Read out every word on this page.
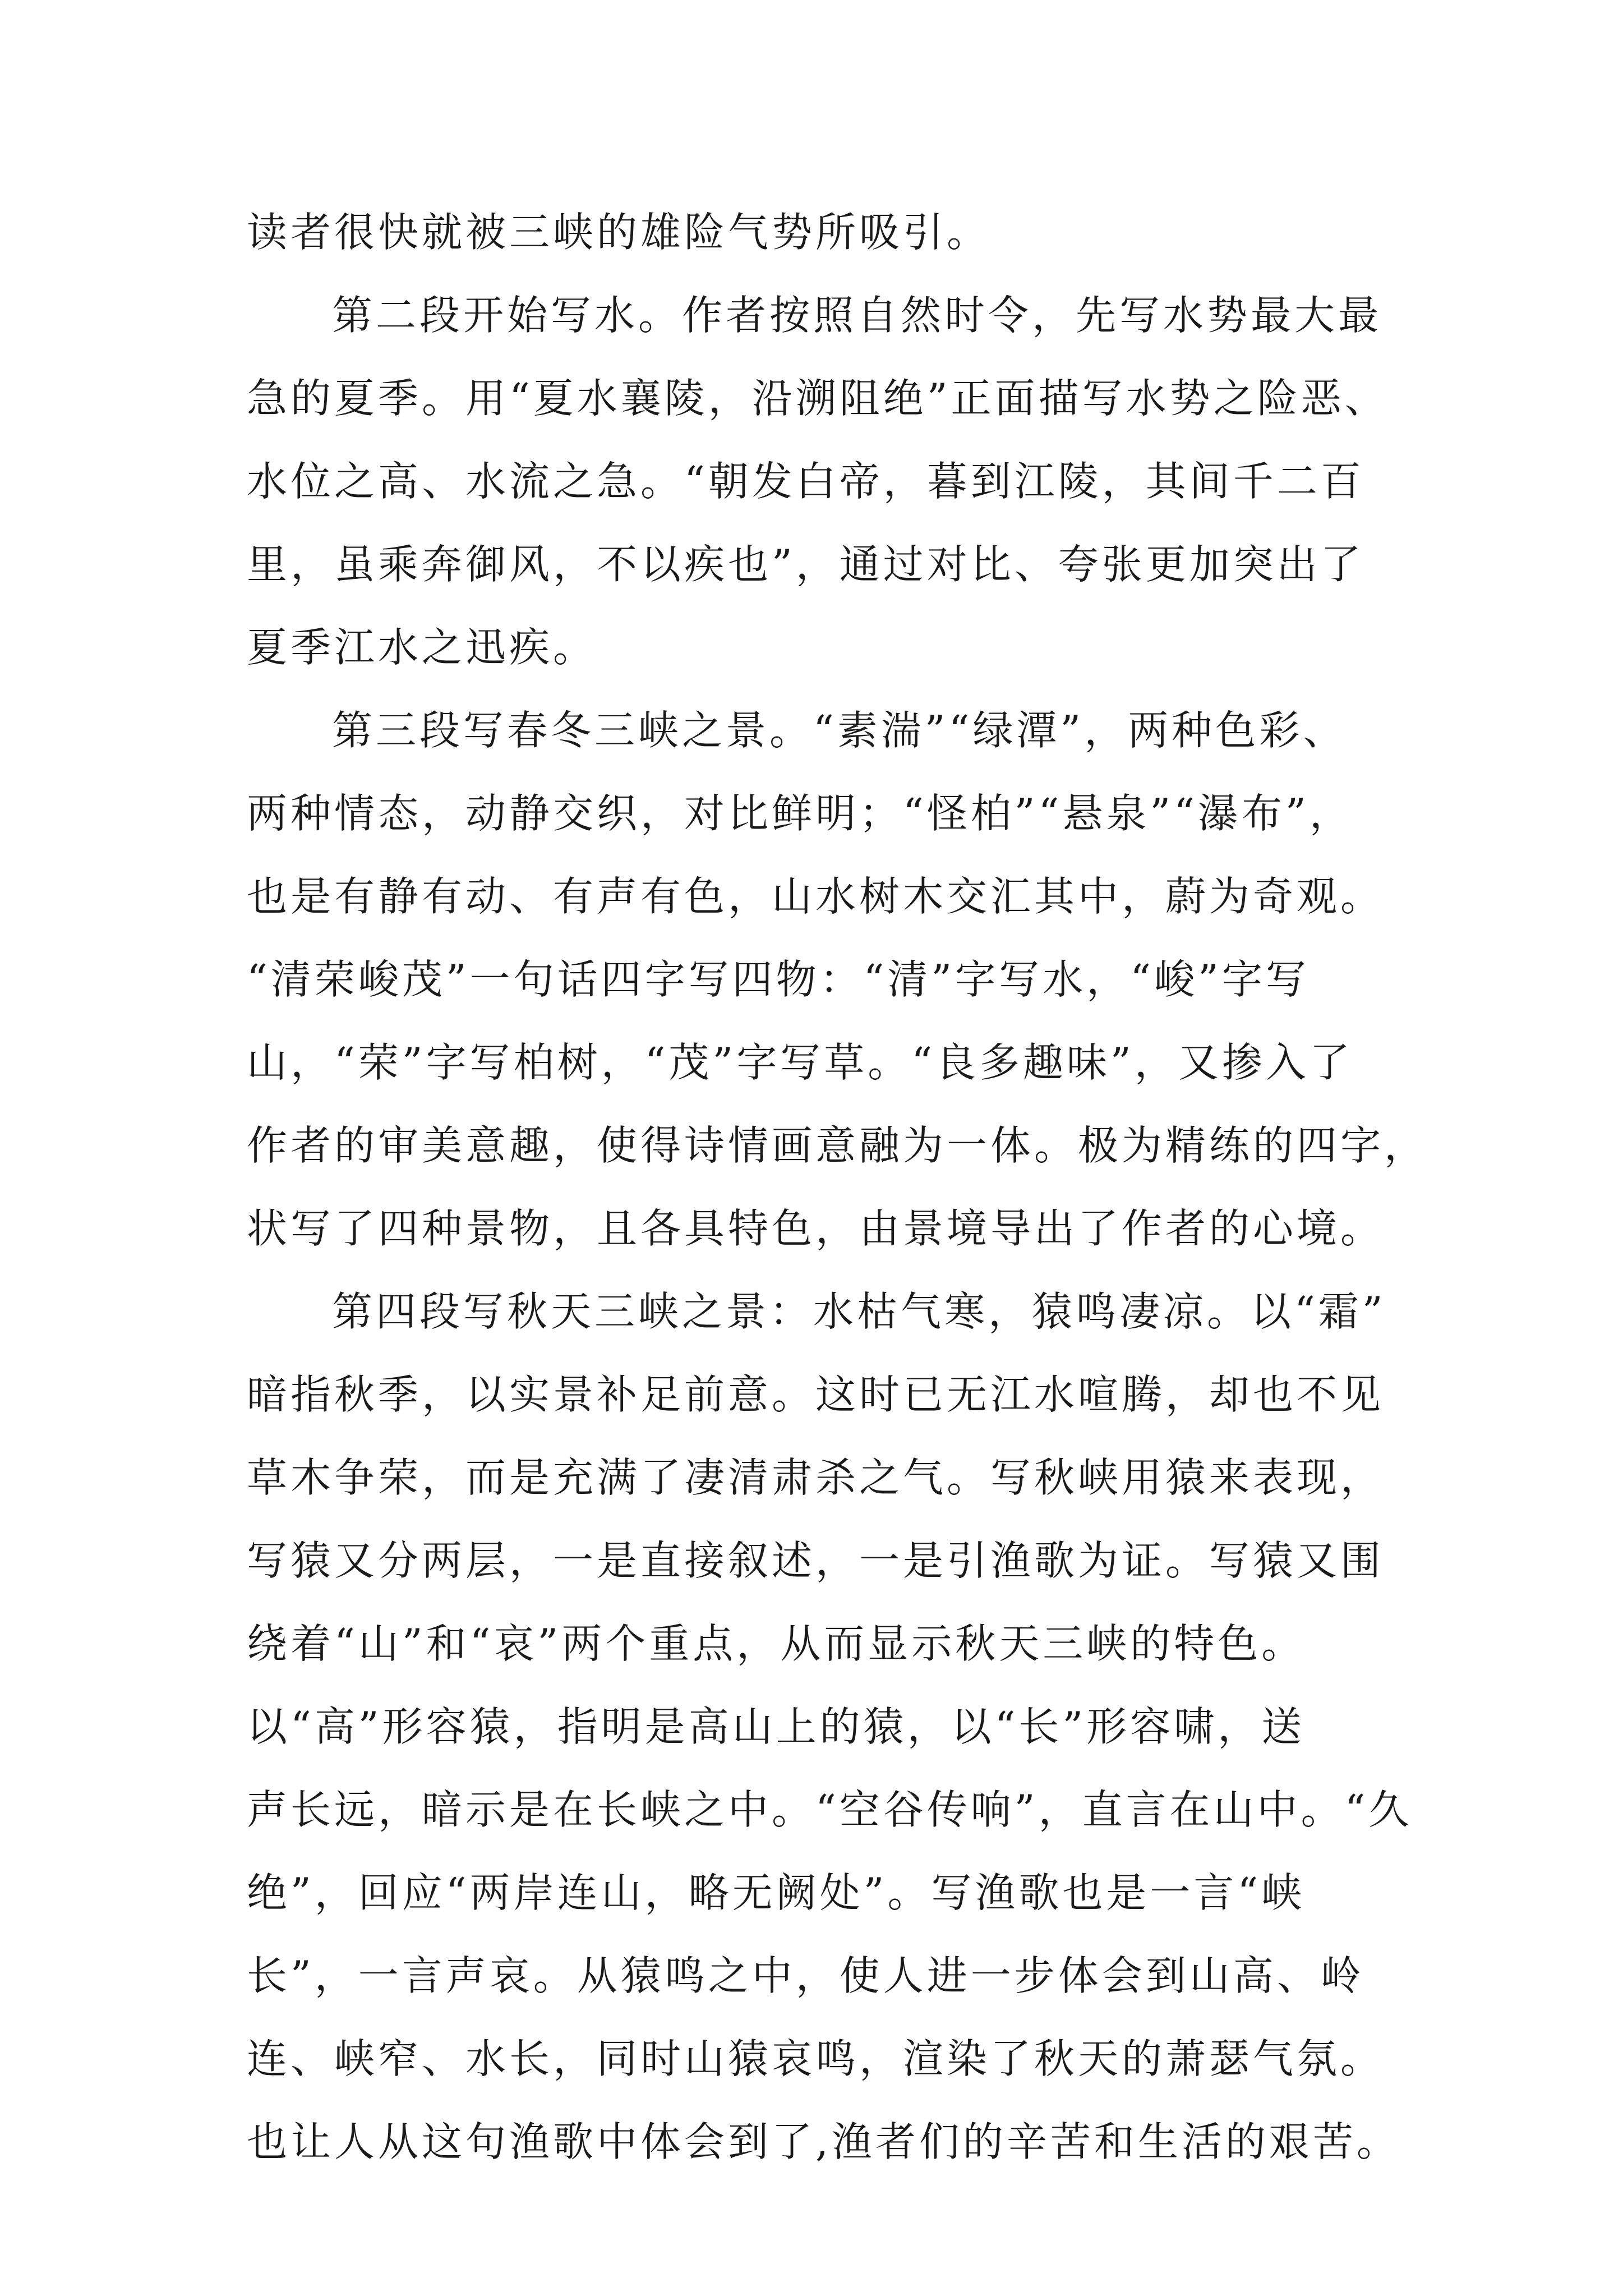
读者很快就被三峡的雄险气势所吸引。
第二段开始写水。作者按照自然时令，先写水势最大最
急的夏季。用“夏水襄陵，沿溯阻绝”正面描写水势之险恶、
水位之高、水流之急。“朝发白帝，暮到江陵，其间千二百
里，虽乘奔御风，不以疾也”，通过对比、夸张更加突出了
夏季江水之迅疾。
第三段写春冬三峡之景。“素湍”“绿潭”，两种色彩、
两种情态，动静交织，对比鲜明；“怪柏”“悬泉”“瀑布”，
也是有静有动、有声有色，山水树木交汇其中，蔚为奇观。
“清荣峻茂”一句话四字写四物：“清”字写水，“峻”字写
山，“荣”字写柏树，“茂”字写草。“良多趣味”，又掺入了
作者的审美意趣，使得诗情画意融为一体。极为精练的四字，
状写了四种景物，且各具特色，由景境导出了作者的心境。
第四段写秋天三峡之景：水枯气寒，猿鸣凄凉。以“霜”
暗指秋季，以实景补足前意。这时已无江水喧腾，却也不见
草木争荣，而是充满了凄清肃杀之气。写秋峡用猿来表现，
写猿又分两层，一是直接叙述，一是引渔歌为证。写猿又围
绕着“山”和“哀”两个重点，从而显示秋天三峡的特色。
以“高”形容猿，指明是高山上的猿，以“长”形容啸，送
声长远，暗示是在长峡之中。“空谷传响”，直言在山中。“久
绝”，回应“两岸连山，略无阙处”。写渔歌也是一言“峡
长”，一言声哀。从猿鸣之中，使人进一步体会到山高、岭
连、峡窄、水长，同时山猿哀鸣，渲染了秋天的萧瑟气氛。
也让人从这句渔歌中体会到了,渔者们的辛苦和生活的艰苦。
